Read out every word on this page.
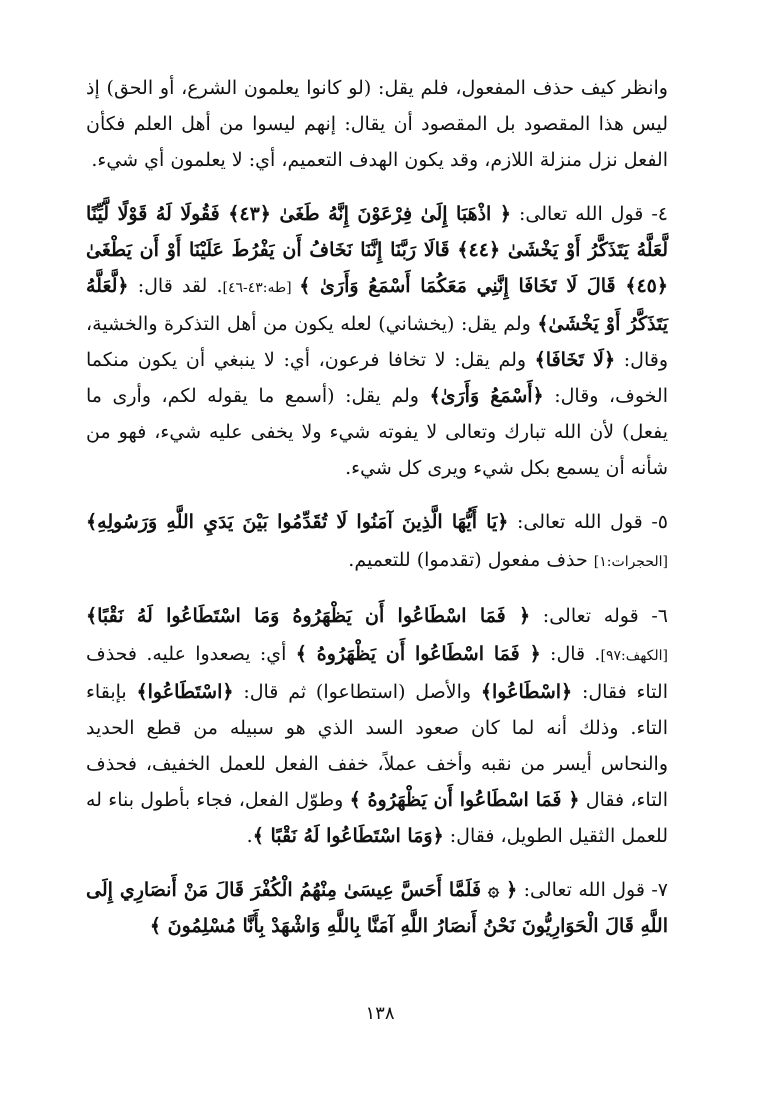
وانظر كيف حذف المفعول، فلم يقل: (لو كانوا يعلمون الشرع، أو الحق) إذ ليس هذا المقصود بل المقصود أن يقال: إنهم ليسوا من أهل العلم فكأن الفعل نزل منزلة اللازم، وقد يكون الهدف التعميم، أي: لا يعلمون أي شيء.

٤- قول الله تعالى: ﴿ اذْهَبَا إِلَىٰ فِرْعَوْنَ إِنَّهُ طَغَىٰ ﴿٤٣﴾ فَقُولَا لَهُ قَوْلًا لَّيِّنًا لَّعَلَّهُ يَتَذَكَّرُ أَوْ يَخْشَىٰ ﴿٤٤﴾ قَالَا رَبَّنَا إِنَّنَا نَخَافُ أَن يَفْرُطَ عَلَيْنَا أَوْ أَن يَطْغَىٰ ﴿٤٥﴾ قَالَ لَا تَخَافَا إِنَّنِي مَعَكُمَا أَسْمَعُ وَأَرَىٰ ﴾ [طه:٤٣-٤٦]. لقد قال: ﴿لَّعَلَّهُ يَتَذَكَّرُ أَوْ يَخْشَىٰ﴾ ولم يقل: (يخشاني) لعله يكون من أهل التذكرة والخشية، وقال: ﴿لَا تَخَافَا﴾ ولم يقل: لا تخافا فرعون، أي: لا ينبغي أن يكون منكما الخوف، وقال: ﴿أَسْمَعُ وَأَرَىٰ﴾ ولم يقل: (أسمع ما يقوله لكم، وأرى ما يفعل) لأن الله تبارك وتعالى لا يفوته شيء ولا يخفى عليه شيء، فهو من شأنه أن يسمع بكل شيء ويرى كل شيء.

٥- قول الله تعالى: ﴿يَا أَيُّهَا الَّذِينَ آمَنُوا لَا تُقَدِّمُوا بَيْنَ يَدَيِ اللَّهِ وَرَسُولِهِ﴾ [الحجرات:١] حذف مفعول (تقدموا) للتعميم.

٦- قوله تعالى: ﴿ فَمَا اسْطَاعُوا أَن يَظْهَرُوهُ وَمَا اسْتَطَاعُوا لَهُ نَقْبًا﴾ [الكهف:٩٧]. قال: ﴿ فَمَا اسْطَاعُوا أَن يَظْهَرُوهُ ﴾ أي: يصعدوا عليه. فحذف التاء فقال: ﴿اسْطَاعُوا﴾ والأصل (استطاعوا) ثم قال: ﴿اسْتَطَاعُوا﴾ بإبقاء التاء. وذلك أنه لما كان صعود السد الذي هو سبيله من قطع الحديد والنحاس أيسر من نقبه وأخف عملاً، خفف الفعل للعمل الخفيف، فحذف التاء، فقال ﴿ فَمَا اسْطَاعُوا أَن يَظْهَرُوهُ ﴾ وطوّل الفعل، فجاء بأطول بناء له للعمل الثقيل الطويل، فقال: ﴿وَمَا اسْتَطَاعُوا لَهُ نَقْبًا ﴾.

٧- قول الله تعالى: ﴿ ۞ فَلَمَّا أَحَسَّ عِيسَىٰ مِنْهُمُ الْكُفْرَ قَالَ مَنْ أَنصَارِي إِلَى اللَّهِ قَالَ الْحَوَارِيُّونَ نَحْنُ أَنصَارُ اللَّهِ آمَنَّا بِاللَّهِ وَاشْهَدْ بِأَنَّا مُسْلِمُونَ ﴾

١٣٨
